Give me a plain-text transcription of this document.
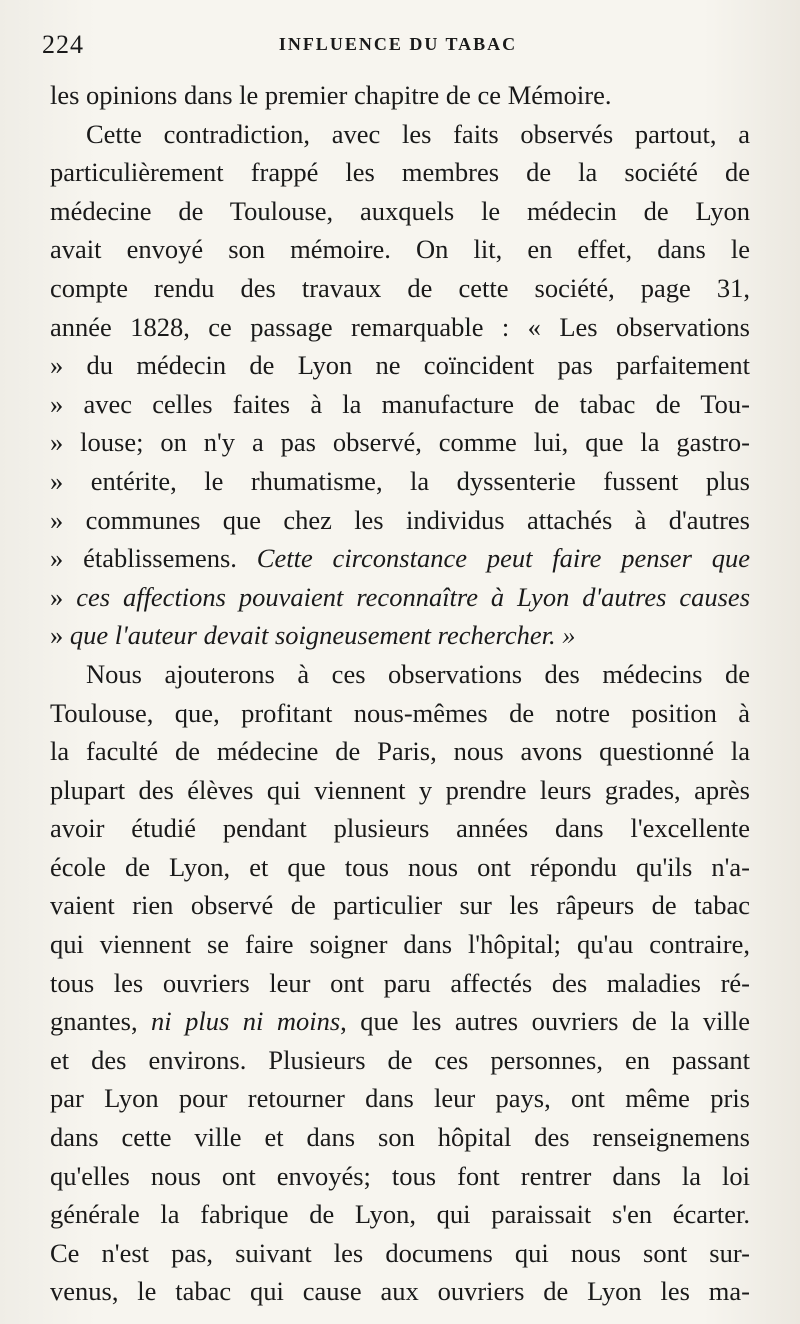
224	INFLUENCE DU TABAC
les opinions dans le premier chapitre de ce Mémoire.
Cette contradiction, avec les faits observés partout, a
particulièrement frappé les membres de la société de
médecine de Toulouse, auxquels le médecin de Lyon
avait envoyé son mémoire. On lit, en effet, dans le
compte rendu des travaux de cette société, page 31,
année 1828, ce passage remarquable : « Les observations
» du médecin de Lyon ne coïncident pas parfaitement
» avec celles faites à la manufacture de tabac de Tou-
» louse; on n'y a pas observé, comme lui, que la gastro-
» entérite, le rhumatisme, la dyssenterie fussent plus
» communes que chez les individus attachés à d'autres
» établissemens. Cette circonstance peut faire penser que
» ces affections pouvaient reconnaître à Lyon d'autres causes
» que l'auteur devait soigneusement rechercher. »
Nous ajouterons à ces observations des médecins de
Toulouse, que, profitant nous-mêmes de notre position à
la faculté de médecine de Paris, nous avons questionné la
plupart des élèves qui viennent y prendre leurs grades, après
avoir étudié pendant plusieurs années dans l'excellente
école de Lyon, et que tous nous ont répondu qu'ils n'a-
vaient rien observé de particulier sur les râpeurs de tabac
qui viennent se faire soigner dans l'hôpital; qu'au contraire,
tous les ouvriers leur ont paru affectés des maladies ré-
gnantes, ni plus ni moins, que les autres ouvriers de la ville
et des environs. Plusieurs de ces personnes, en passant
par Lyon pour retourner dans leur pays, ont même pris
dans cette ville et dans son hôpital des renseignemens
qu'elles nous ont envoyés; tous font rentrer dans la loi
générale la fabrique de Lyon, qui paraissait s'en écarter.
Ce n'est pas, suivant les documens qui nous sont sur-
venus, le tabac qui cause aux ouvriers de Lyon les ma-
